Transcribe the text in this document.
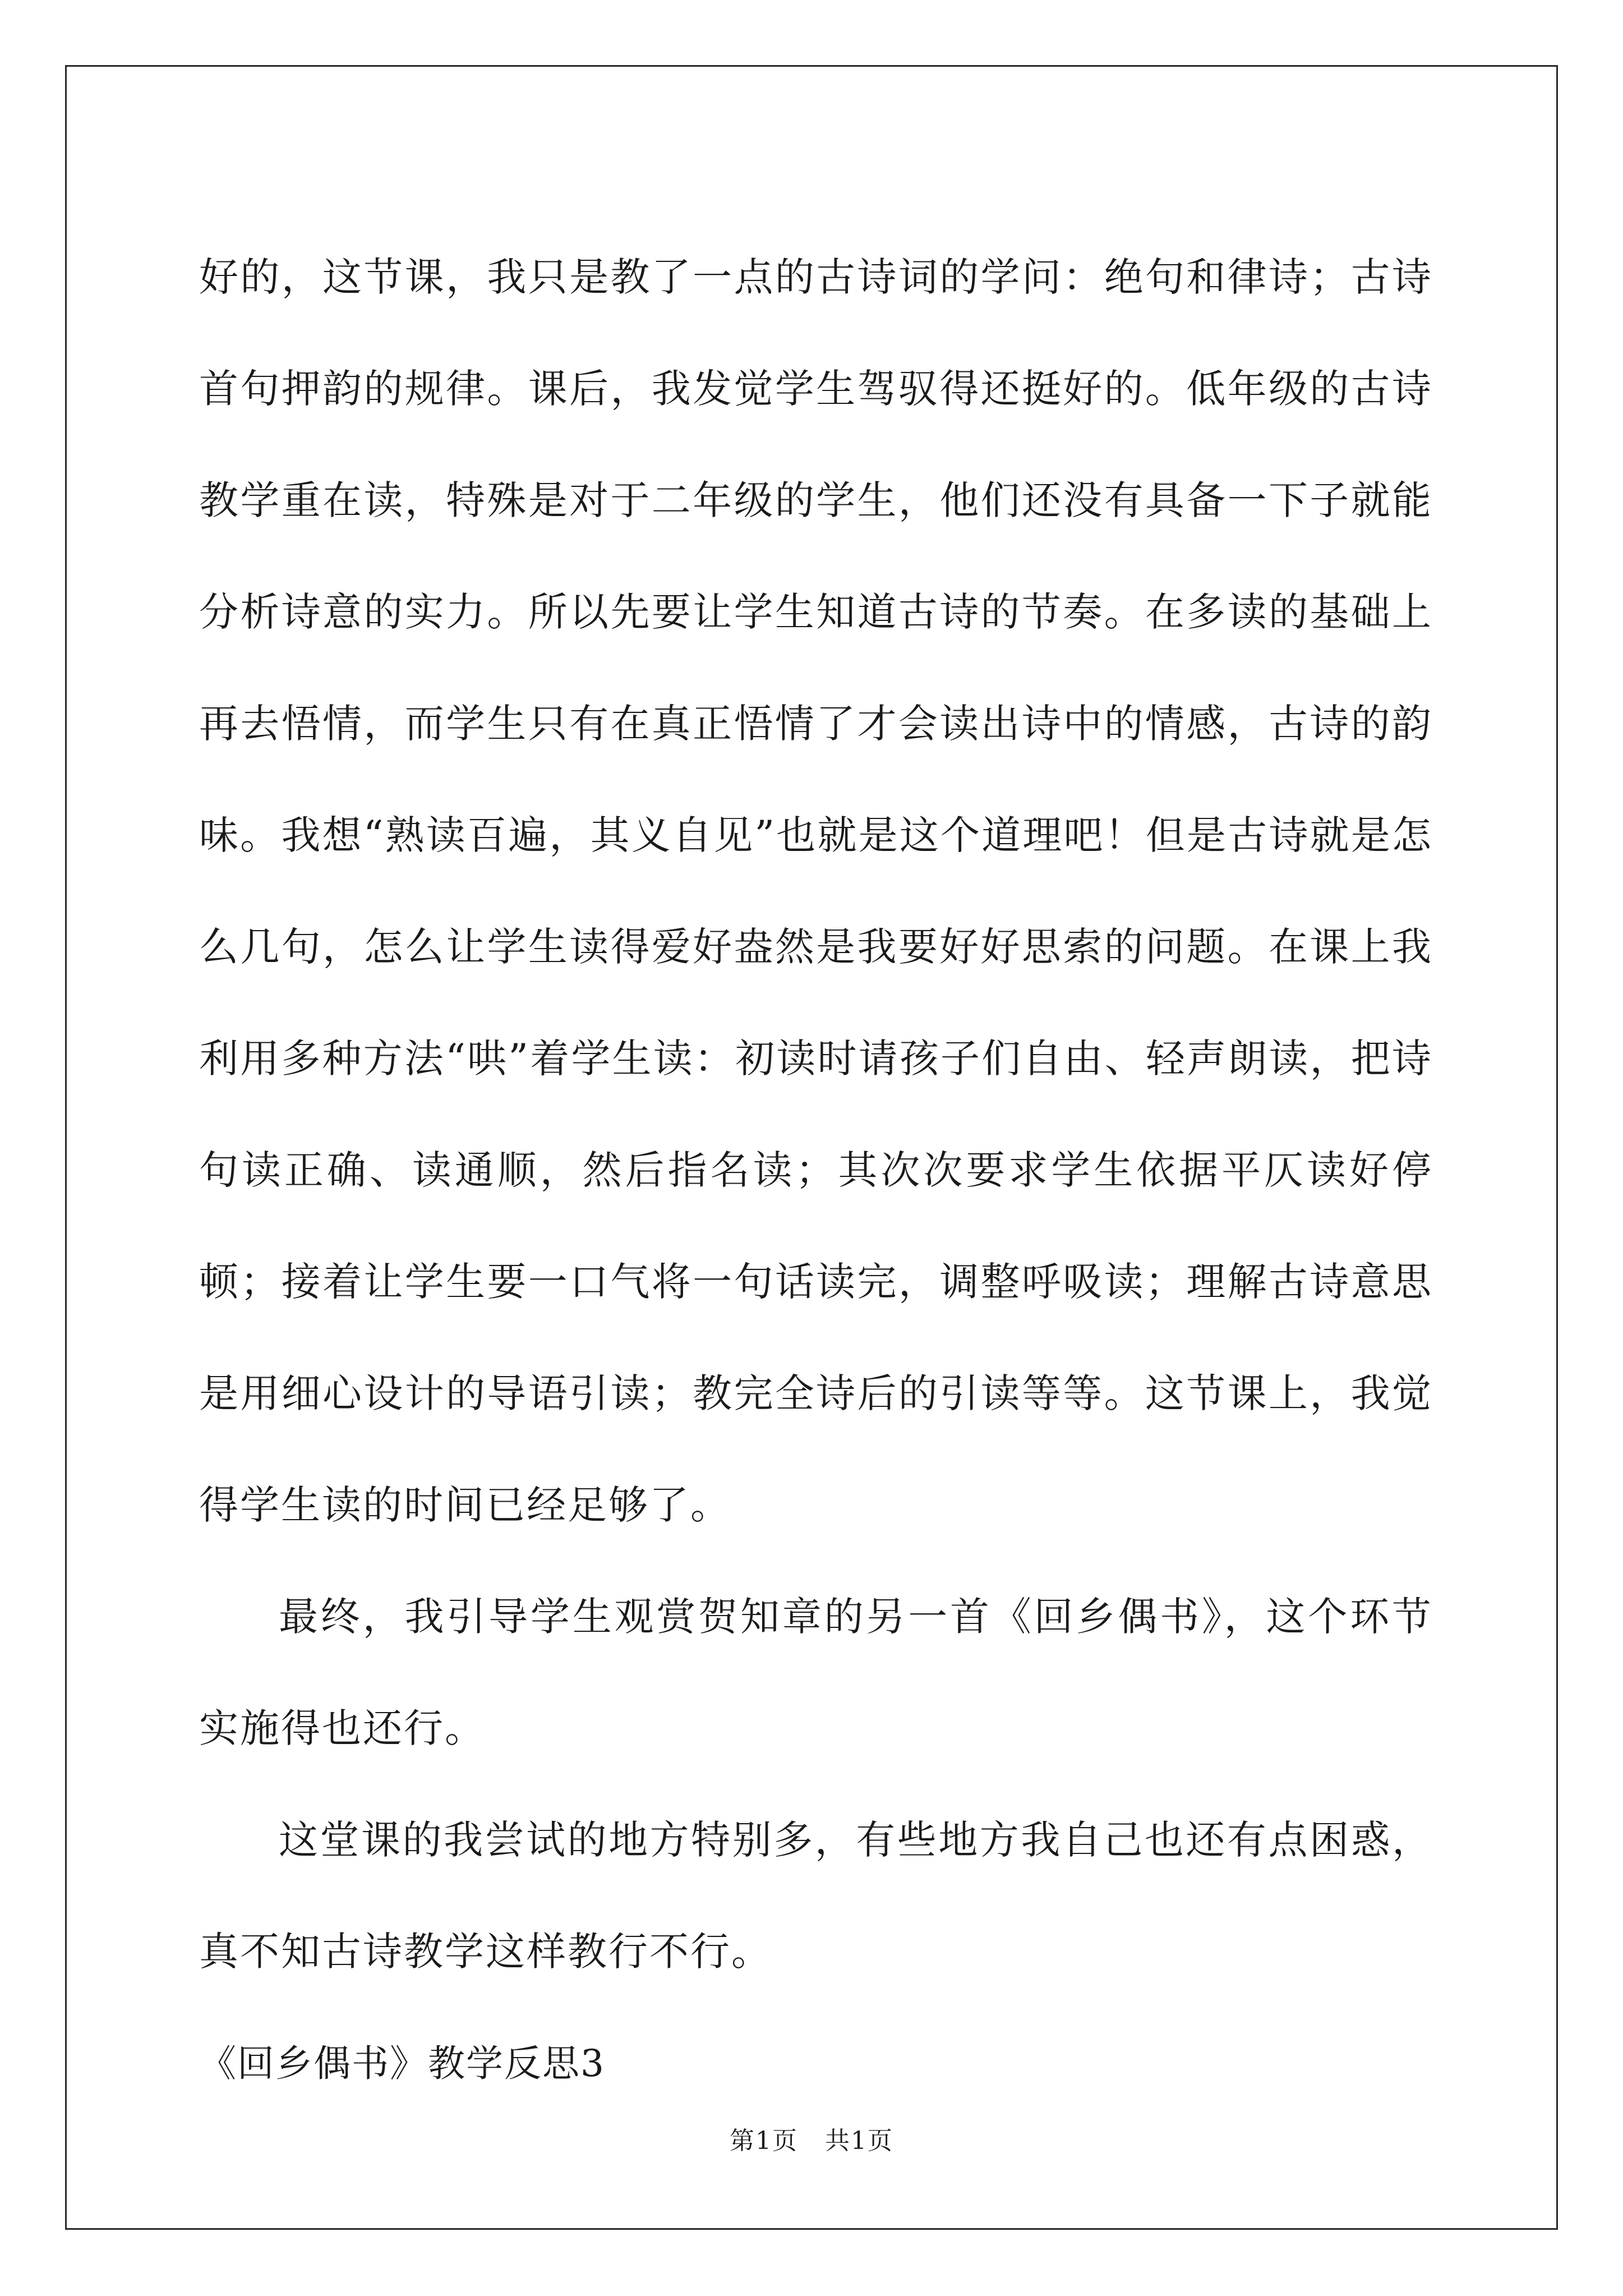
好的，这节课，我只是教了一点的古诗词的学问：绝句和律诗；古诗首句押韵的规律。课后，我发觉学生驾驭得还挺好的。低年级的古诗教学重在读，特殊是对于二年级的学生，他们还没有具备一下子就能分析诗意的实力。所以先要让学生知道古诗的节奏。在多读的基础上再去悟情，而学生只有在真正悟情了才会读出诗中的情感，古诗的韵味。我想“熟读百遍，其义自见”也就是这个道理吧！但是古诗就是怎么几句，怎么让学生读得爱好盎然是我要好好思索的问题。在课上我利用多种方法“哄”着学生读：初读时请孩子们自由、轻声朗读，把诗句读正确、读通顺，然后指名读；其次次要求学生依据平仄读好停顿；接着让学生要一口气将一句话读完，调整呼吸读；理解古诗意思是用细心设计的导语引读；教完全诗后的引读等等。这节课上，我觉得学生读的时间已经足够了。

最终，我引导学生观赏贺知章的另一首《回乡偶书》，这个环节实施得也还行。

这堂课的我尝试的地方特别多，有些地方我自己也还有点困惑，真不知古诗教学这样教行不行。

《回乡偶书》教学反思3

第1页   共1页
